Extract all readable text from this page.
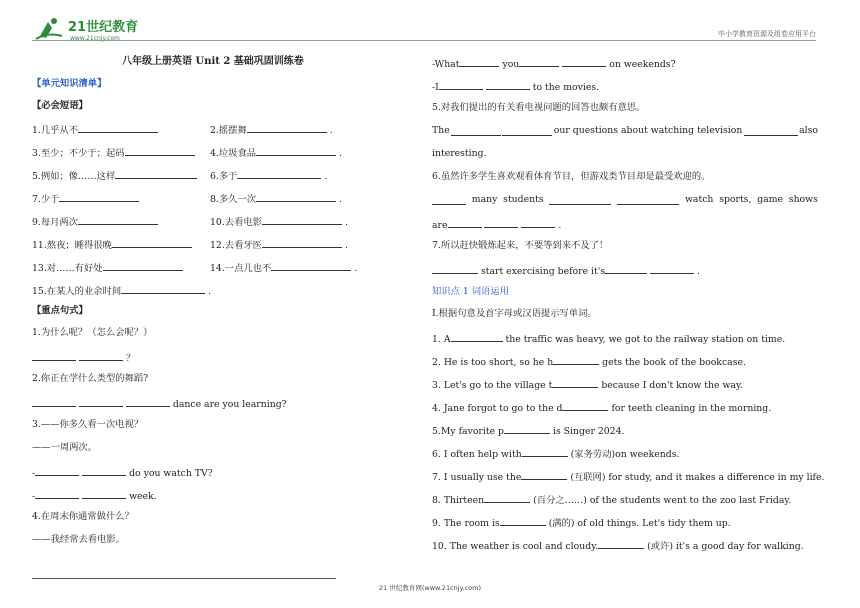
21世纪教育
www.21cnjy.com
中小学教育资源及组卷应用平台
八年级上册英语 Unit 2 基础巩固训练卷
【单元知识清单】
【必会短语】
1.几乎从不	2.摇摆舞	.
3.至少；不少于；起码	4.垃圾食品	.
5.例如；像……这样	6.多于	.
7.少于	8.多久一次	.
9.每月两次	10.去看电影	.
11.熬夜；睡得很晚	12.去看牙医	.
13.对……有好处	14.一点儿也不	.
15.在某人的业余时间	.
【重点句式】
1.为什么呢？（怎么会呢？）
？
2.你正在学什么类型的舞蹈?
dance are you learning?
3.——你多久看一次电视？
——一周两次。
-	do you watch TV?
-	week.
4.在周末你通常做什么？
——我经常去看电影。
-What	you	on weekends?
-I	to the movies.
5.对我们提出的有关看电视问题的回答也颇有意思。
The	our questions about watching television	also
interesting.
6.虽然许多学生喜欢观看体育节目，但游戏类节目却是最受欢迎的。
many students	watch sports, game shows
are	.
7.所以赶快锻炼起来，不要等到来不及了！
start exercising before it's	.
知识点 1 词语运用
I.根据句意及首字母或汉语提示写单词。
1. A	the traffic was heavy, we got to the railway station on time.
2. He is too short, so he h	gets the book of the bookcase.
3. Let's go to the village t	because I don't know the way.
4. Jane forgot to go to the d	for teeth cleaning in the morning.
5.My favorite p	is Singer 2024.
6. I often help with	(家务劳动)on weekends.
7. I usually use the	(互联网) for study, and it makes a difference in my life.
8. Thirteen	(百分之……) of the students went to the zoo last Friday.
9. The room is	(满的) of old things. Let's tidy them up.
10. The weather is cool and cloudy.	(或许) it's a good day for walking.
21 世纪教育网(www.21cnjy.com)
